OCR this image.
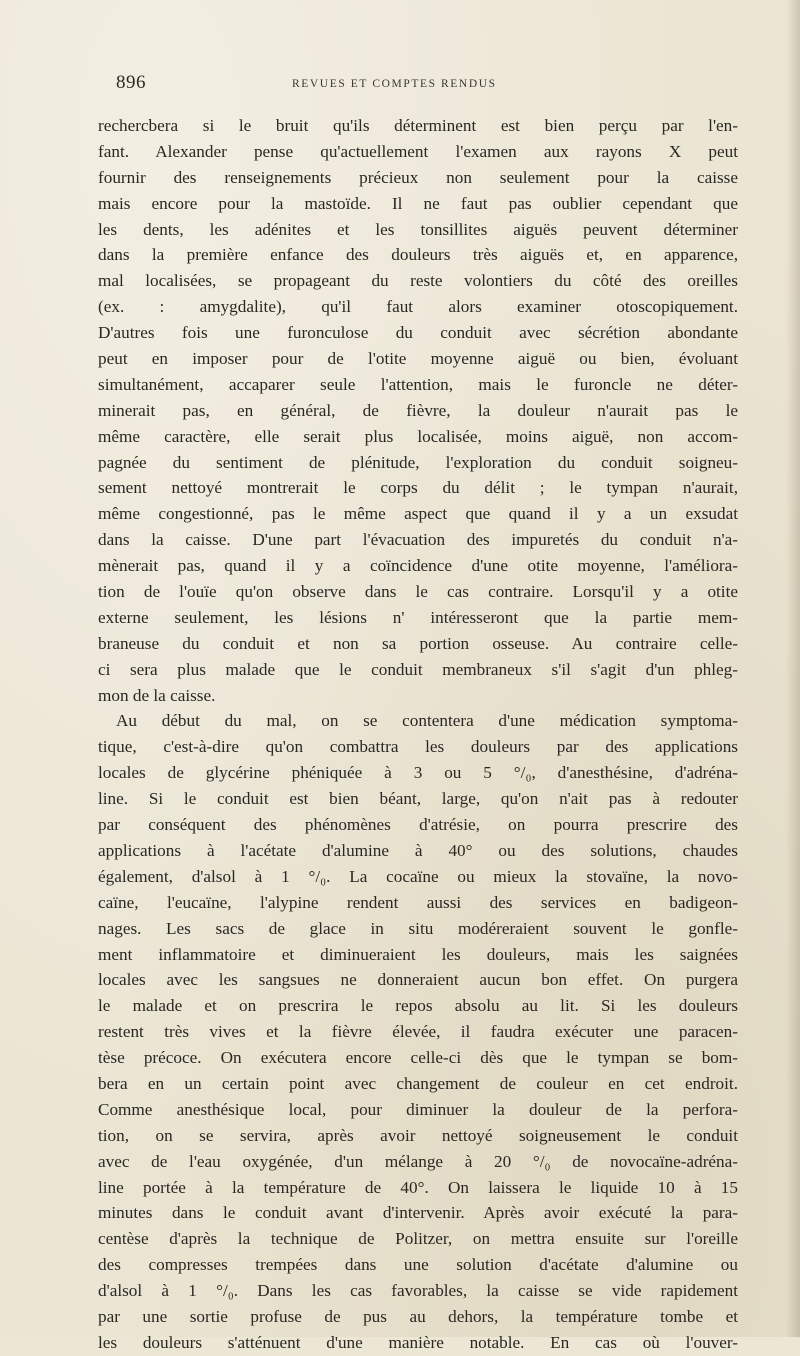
896	REVUES ET COMPTES RENDUS
rechercbera si le bruit qu'ils déterminent est bien perçu par l'en-
fant. Alexander pense qu'actuellement l'examen aux rayons X peut
fournir des renseignements précieux non seulement pour la caisse
mais encore pour la mastoïde. Il ne faut pas oublier cependant que
les dents, les adénites et les tonsillites aiguës peuvent déterminer
dans la première enfance des douleurs très aiguës et, en apparence,
mal localisées, se propageant du reste volontiers du côté des oreilles
(ex. : amygdalite), qu'il faut alors examiner otoscopiquement.
D'autres fois une furonculose du conduit avec sécrétion abondante
peut en imposer pour de l'otite moyenne aiguë ou bien, évoluant
simultanément, accaparer seule l'attention, mais le furoncle ne déter-
minerait pas, en général, de fièvre, la douleur n'aurait pas le
même caractère, elle serait plus localisée, moins aiguë, non accom-
pagnée du sentiment de plénitude, l'exploration du conduit soigneu-
sement nettoyé montrerait le corps du délit ; le tympan n'aurait,
même congestionné, pas le même aspect que quand il y a un exsudat
dans la caisse. D'une part l'évacuation des impuretés du conduit n'a-
mènerait pas, quand il y a coïncidence d'une otite moyenne, l'améliora-
tion de l'ouïe qu'on observe dans le cas contraire. Lorsqu'il y a otite
externe seulement, les lésions n' intéresseront que la partie mem-
braneuse du conduit et non sa portion osseuse. Au contraire celle-
ci sera plus malade que le conduit membraneux s'il s'agit d'un phleg-
mon de la caisse.
Au début du mal, on se contentera d'une médication symptoma-
tique, c'est-à-dire qu'on combattra les douleurs par des applications
locales de glycérine phéniquée à 3 ou 5 °/₀, d'anesthésine, d'adréna-
line. Si le conduit est bien béant, large, qu'on n'ait pas à redouter
par conséquent des phénomènes d'atrésie, on pourra prescrire des
applications à l'acétate d'alumine à 40° ou des solutions, chaudes
également, d'alsol à 1 °/₀. La cocaïne ou mieux la stovaïne, la novo-
caïne, l'eucaïne, l'alypine rendent aussi des services en badigeon-
nages. Les sacs de glace in situ modéreraient souvent le gonfle-
ment inflammatoire et diminueraient les douleurs, mais les saignées
locales avec les sangsues ne donneraient aucun bon effet. On purgera
le malade et on prescrira le repos absolu au lit. Si les douleurs
restent très vives et la fièvre élevée, il faudra exécuter une paracen-
tèse précoce. On exécutera encore celle-ci dès que le tympan se bom-
bera en un certain point avec changement de couleur en cet endroit.
Comme anesthésique local, pour diminuer la douleur de la perfora-
tion, on se servira, après avoir nettoyé soigneusement le conduit
avec de l'eau oxygénée, d'un mélange à 20 °/₀ de novocaïne-adréna-
line portée à la température de 40°. On laissera le liquide 10 à 15
minutes dans le conduit avant d'intervenir. Après avoir exécuté la para-
centèse d'après la technique de Politzer, on mettra ensuite sur l'oreille
des compresses trempées dans une solution d'acétate d'alumine ou
d'alsol à 1 °/₀. Dans les cas favorables, la caisse se vide rapidement
par une sortie profuse de pus au dehors, la température tombe et
les douleurs s'atténuent d'une manière notable. En cas où l'ouver-
